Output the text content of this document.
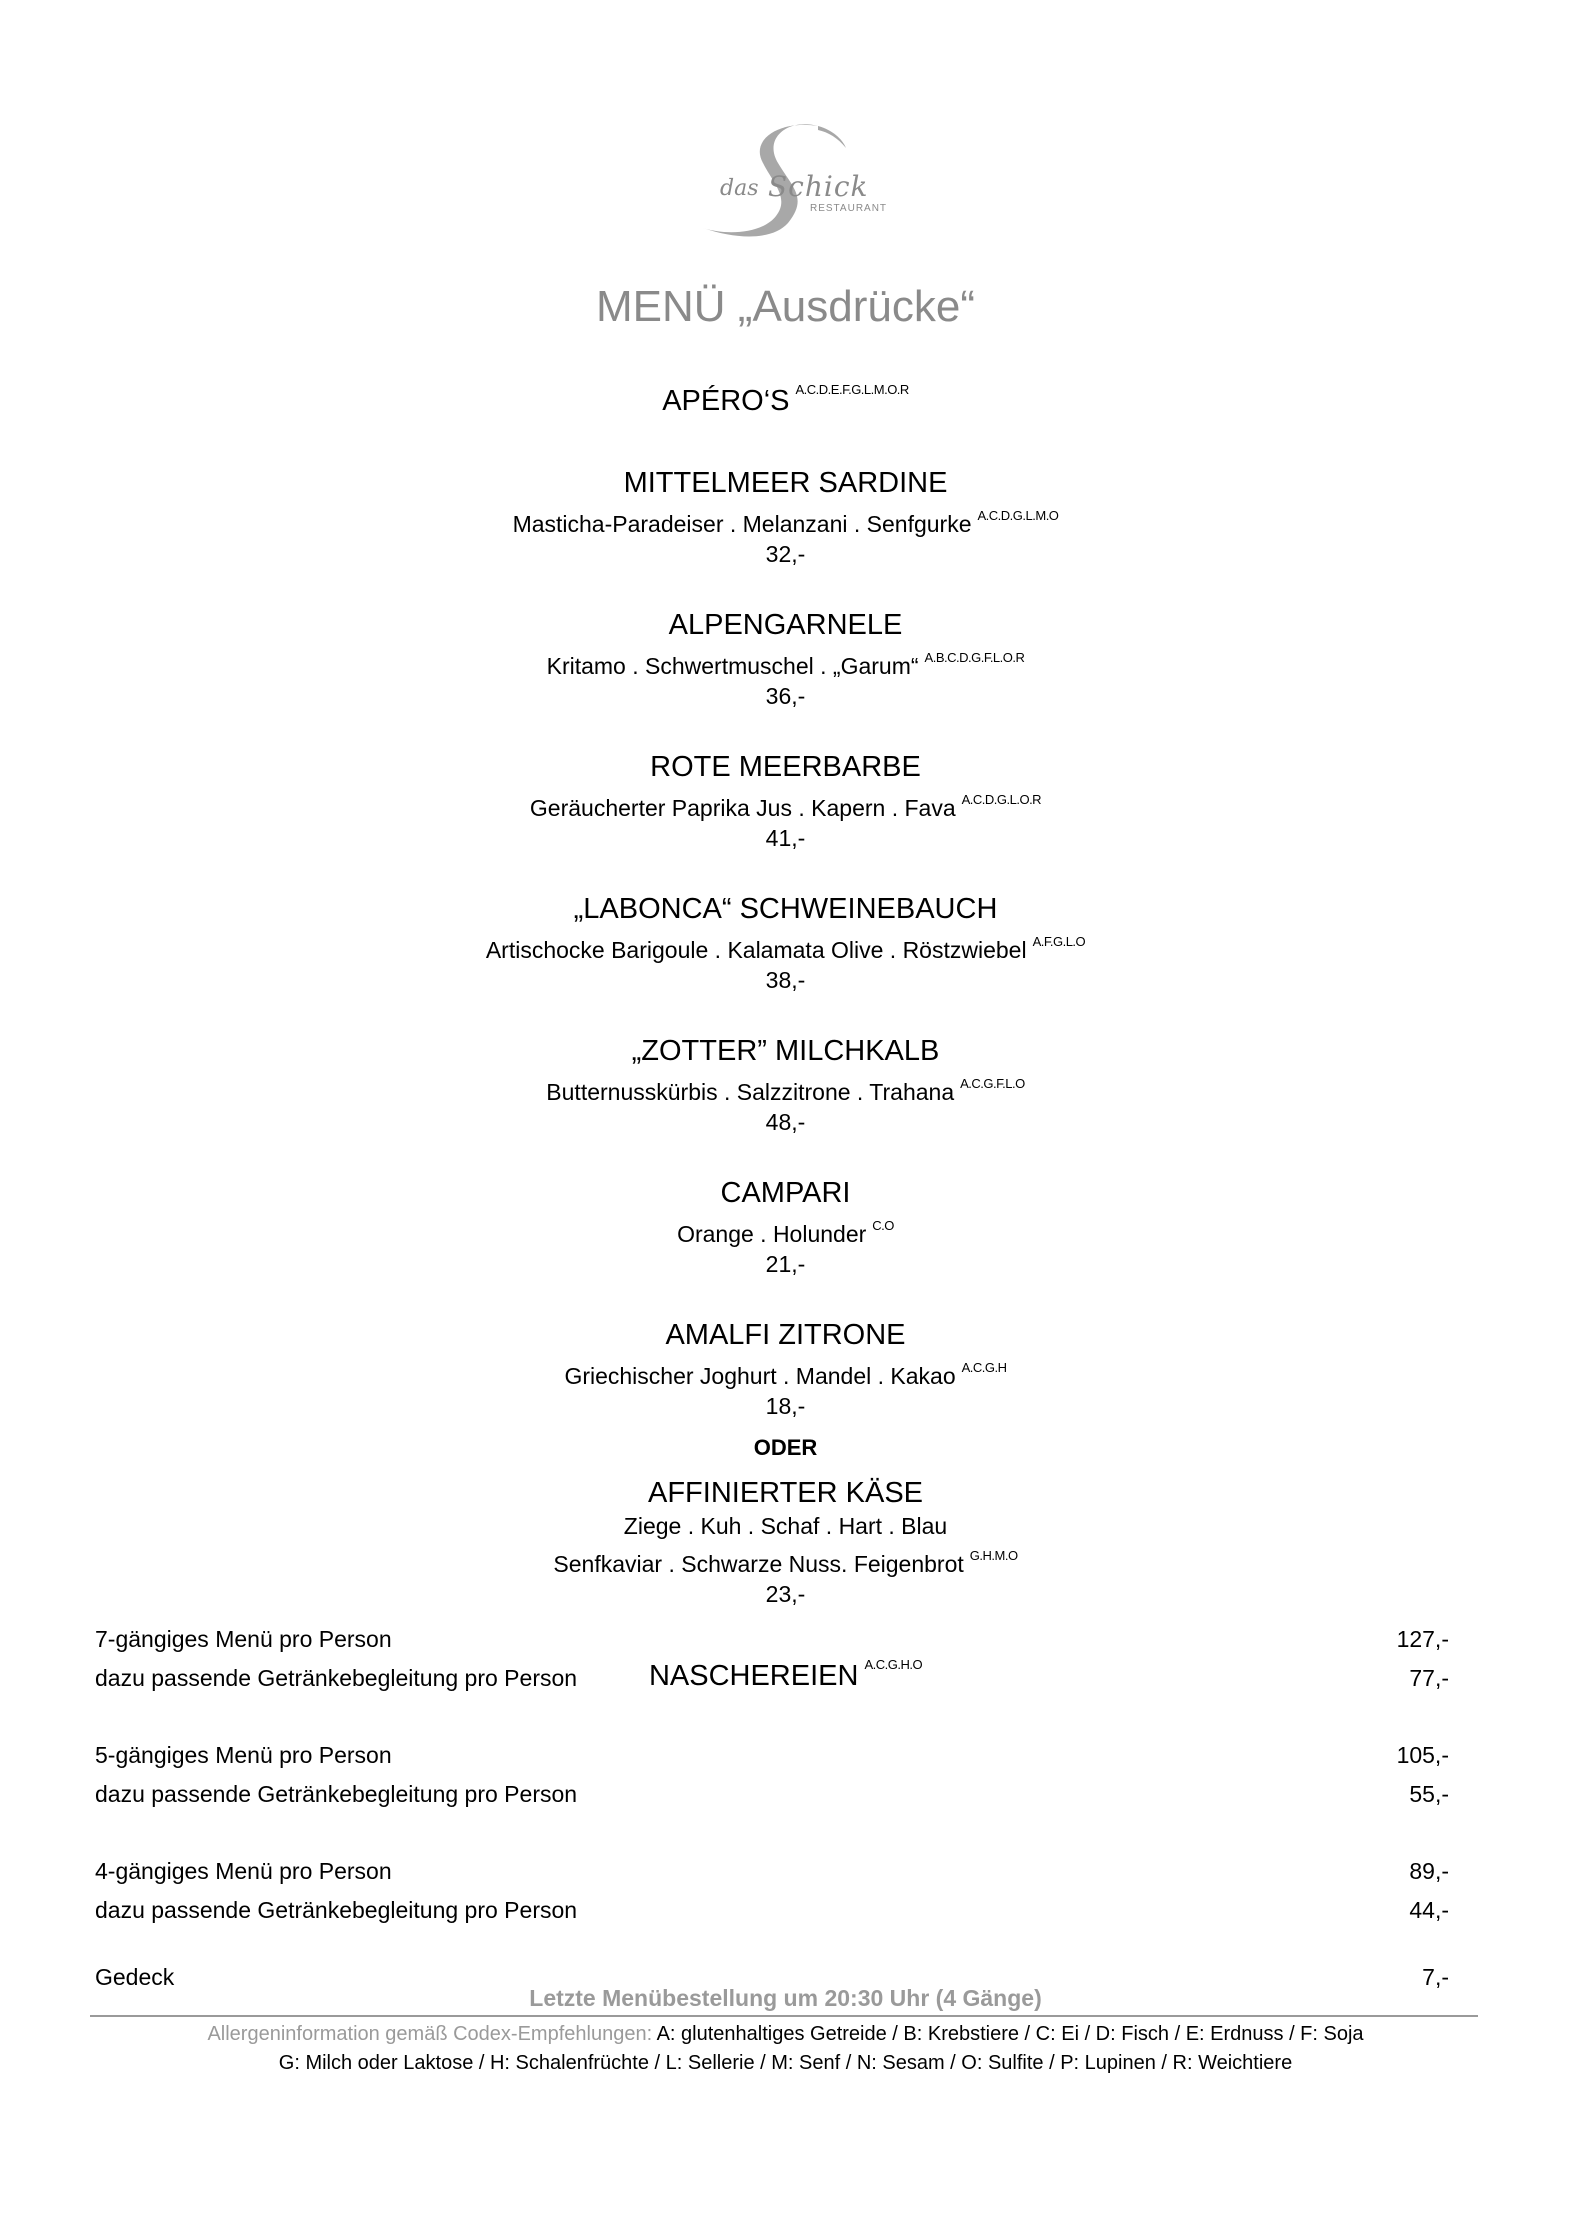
das Schick
RESTAURANT
MENÜ „Ausdrücke“
APÉRO‘S $^{A.C.D.E.F.G.L.M.O.R}$
MITTELMEER SARDINE
Masticha-Paradeiser . Melanzani . Senfgurke $^{A.C.D.G.L.M.O}$
32,-
ALPENGARNELE
Kritamo . Schwertmuschel . „Garum“ $^{A.B.C.D.G.F.L.O.R}$
36,-
ROTE MEERBARBE
Geräucherter Paprika Jus . Kapern . Fava $^{A.C.D.G.L.O.R}$
41,-
„LABONCA“ SCHWEINEBAUCH
Artischocke Barigoule . Kalamata Olive . Röstzwiebel $^{A.F.G.L.O}$
38,-
„ZOTTER” MILCHKALB
Butternusskürbis . Salzzitrone . Trahana $^{A.C.G.F.L.O}$
48,-
CAMPARI
Orange . Holunder $^{C.O}$
21,-
AMALFI ZITRONE
Griechischer Joghurt . Mandel . Kakao $^{A.C.G.H}$
18,-
ODER
AFFINIERTER KÄSE
Ziege . Kuh . Schaf . Hart . Blau
Senfkaviar . Schwarze Nuss. Feigenbrot $^{G.H.M.O}$
23,-
NASCHEREIEN $^{A.C.G.H.O}$
7-gängiges Menü pro Person	127,-
dazu passende Getränkebegleitung pro Person	77,-
5-gängiges Menü pro Person	105,-
dazu passende Getränkebegleitung pro Person	55,-
4-gängiges Menü pro Person	89,-
dazu passende Getränkebegleitung pro Person	44,-
Gedeck	7,-
Letzte Menübestellung um 20:30 Uhr (4 Gänge)
Allergeninformation gemäß Codex-Empfehlungen: A: glutenhaltiges Getreide / B: Krebstiere / C: Ei / D: Fisch / E: Erdnuss / F: Soja
G: Milch oder Laktose / H: Schalenfrüchte / L: Sellerie / M: Senf / N: Sesam / O: Sulfite / P: Lupinen / R: Weichtiere
